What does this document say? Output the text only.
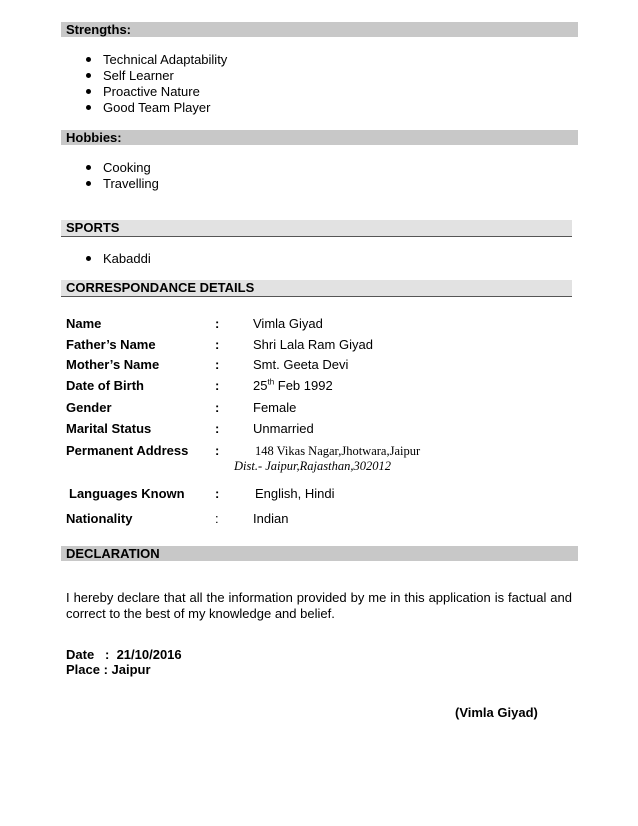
Strengths:
Technical Adaptability
Self Learner
Proactive Nature
Good Team Player
Hobbies:
Cooking
Travelling
SPORTS
Kabaddi
CORRESPONDANCE DETAILS
Name	:	Vimla Giyad
Father’s Name	:	Shri Lala Ram Giyad
Mother’s Name	:	Smt. Geeta Devi
Date of Birth	:	25th Feb 1992
Gender	:	Female
Marital Status	:	Unmarried
Permanent Address :	148 Vikas Nagar,Jhotwara,Jaipur
Dist.- Jaipur,Rajasthan,302012
Languages Known :	English, Hindi
Nationality	:	Indian
DECLARATION
I hereby declare that all the information provided by me in this application is factual and correct to the best of my knowledge and belief.
Date   :  21/10/2016
Place : Jaipur
(Vimla Giyad)
